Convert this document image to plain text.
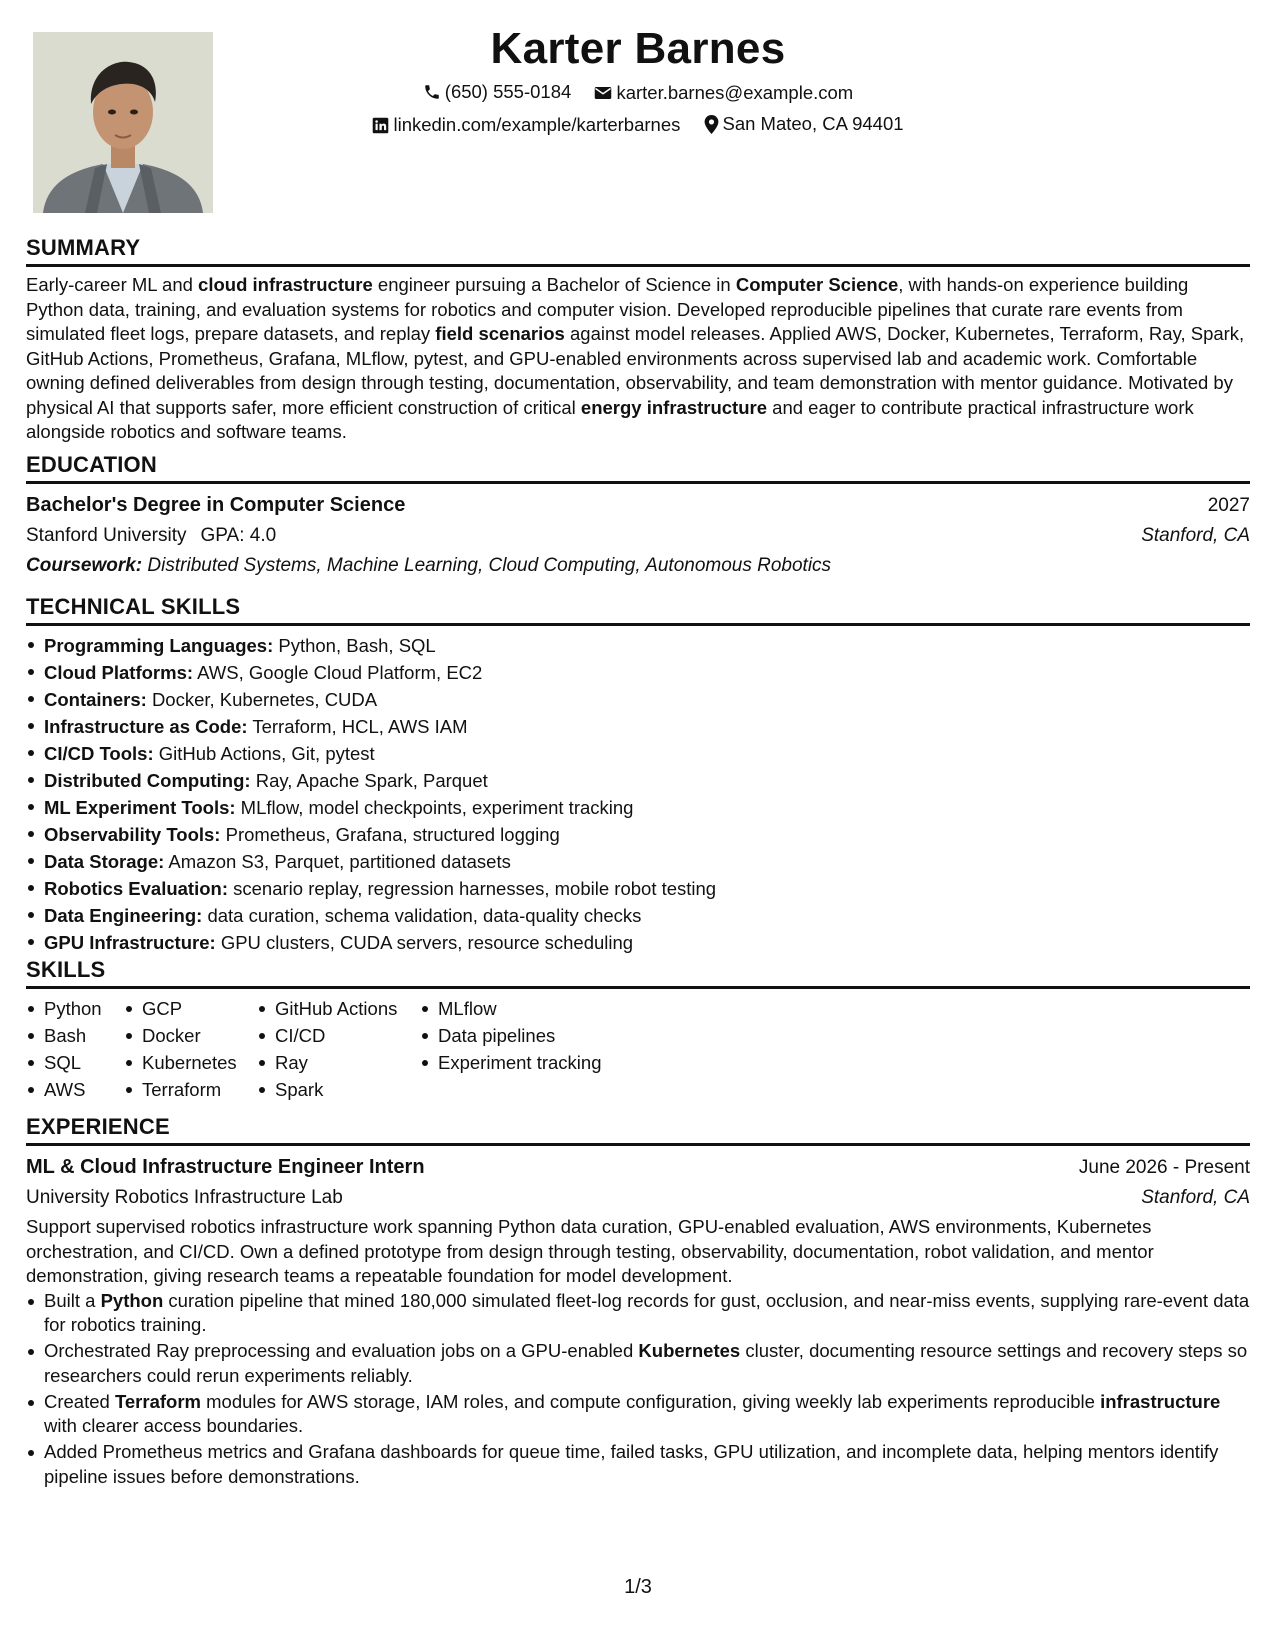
Karter Barnes
(650) 555-0184
karter.barnes@example.com
linkedin.com/example/karterbarnes
San Mateo, CA 94401
SUMMARY

Early-career ML and cloud infrastructure engineer pursuing a Bachelor of Science in Computer Science, with hands-on experience building Python data, training, and evaluation systems for robotics and computer vision. Developed reproducible pipelines that curate rare events from simulated fleet logs, prepare datasets, and replay field scenarios against model releases. Applied AWS, Docker, Kubernetes, Terraform, Ray, Spark, GitHub Actions, Prometheus, Grafana, MLflow, pytest, and GPU-enabled environments across supervised lab and academic work. Comfortable owning defined deliverables from design through testing, documentation, observability, and team demonstration with mentor guidance. Motivated by physical AI that supports safer, more efficient construction of critical energy infrastructure and eager to contribute practical infrastructure work alongside robotics and software teams.

EDUCATION
Bachelor's Degree in Computer Science	2027
Stanford University GPA: 4.0	Stanford, CA
Coursework: Distributed Systems, Machine Learning, Cloud Computing, Autonomous Robotics
TECHNICAL SKILLS
Programming Languages: Python, Bash, SQL
Cloud Platforms: AWS, Google Cloud Platform, EC2
Containers: Docker, Kubernetes, CUDA
Infrastructure as Code: Terraform, HCL, AWS IAM
CI/CD Tools: GitHub Actions, Git, pytest
Distributed Computing: Ray, Apache Spark, Parquet
ML Experiment Tools: MLflow, model checkpoints, experiment tracking
Observability Tools: Prometheus, Grafana, structured logging
Data Storage: Amazon S3, Parquet, partitioned datasets
Robotics Evaluation: scenario replay, regression harnesses, mobile robot testing
Data Engineering: data curation, schema validation, data-quality checks
GPU Infrastructure: GPU clusters, CUDA servers, resource scheduling
SKILLS
Python
Bash
SQL
AWS
GCP
Docker
Kubernetes
Terraform
GitHub Actions
CI/CD
Ray
Spark
MLflow
Data pipelines
Experiment tracking
EXPERIENCE
ML & Cloud Infrastructure Engineer Intern	June 2026 - Present
University Robotics Infrastructure Lab	Stanford, CA

Support supervised robotics infrastructure work spanning Python data curation, GPU-enabled evaluation, AWS environments, Kubernetes orchestration, and CI/CD. Own a defined prototype from design through testing, observability, documentation, robot validation, and mentor demonstration, giving research teams a repeatable foundation for model development.

Built a Python curation pipeline that mined 180,000 simulated fleet-log records for gust, occlusion, and near-miss events, supplying rare-event data for robotics training.
Orchestrated Ray preprocessing and evaluation jobs on a GPU-enabled Kubernetes cluster, documenting resource settings and recovery steps so researchers could rerun experiments reliably.
Created Terraform modules for AWS storage, IAM roles, and compute configuration, giving weekly lab experiments reproducible infrastructure with clearer access boundaries.
Added Prometheus metrics and Grafana dashboards for queue time, failed tasks, GPU utilization, and incomplete data, helping mentors identify pipeline issues before demonstrations.
1/3
